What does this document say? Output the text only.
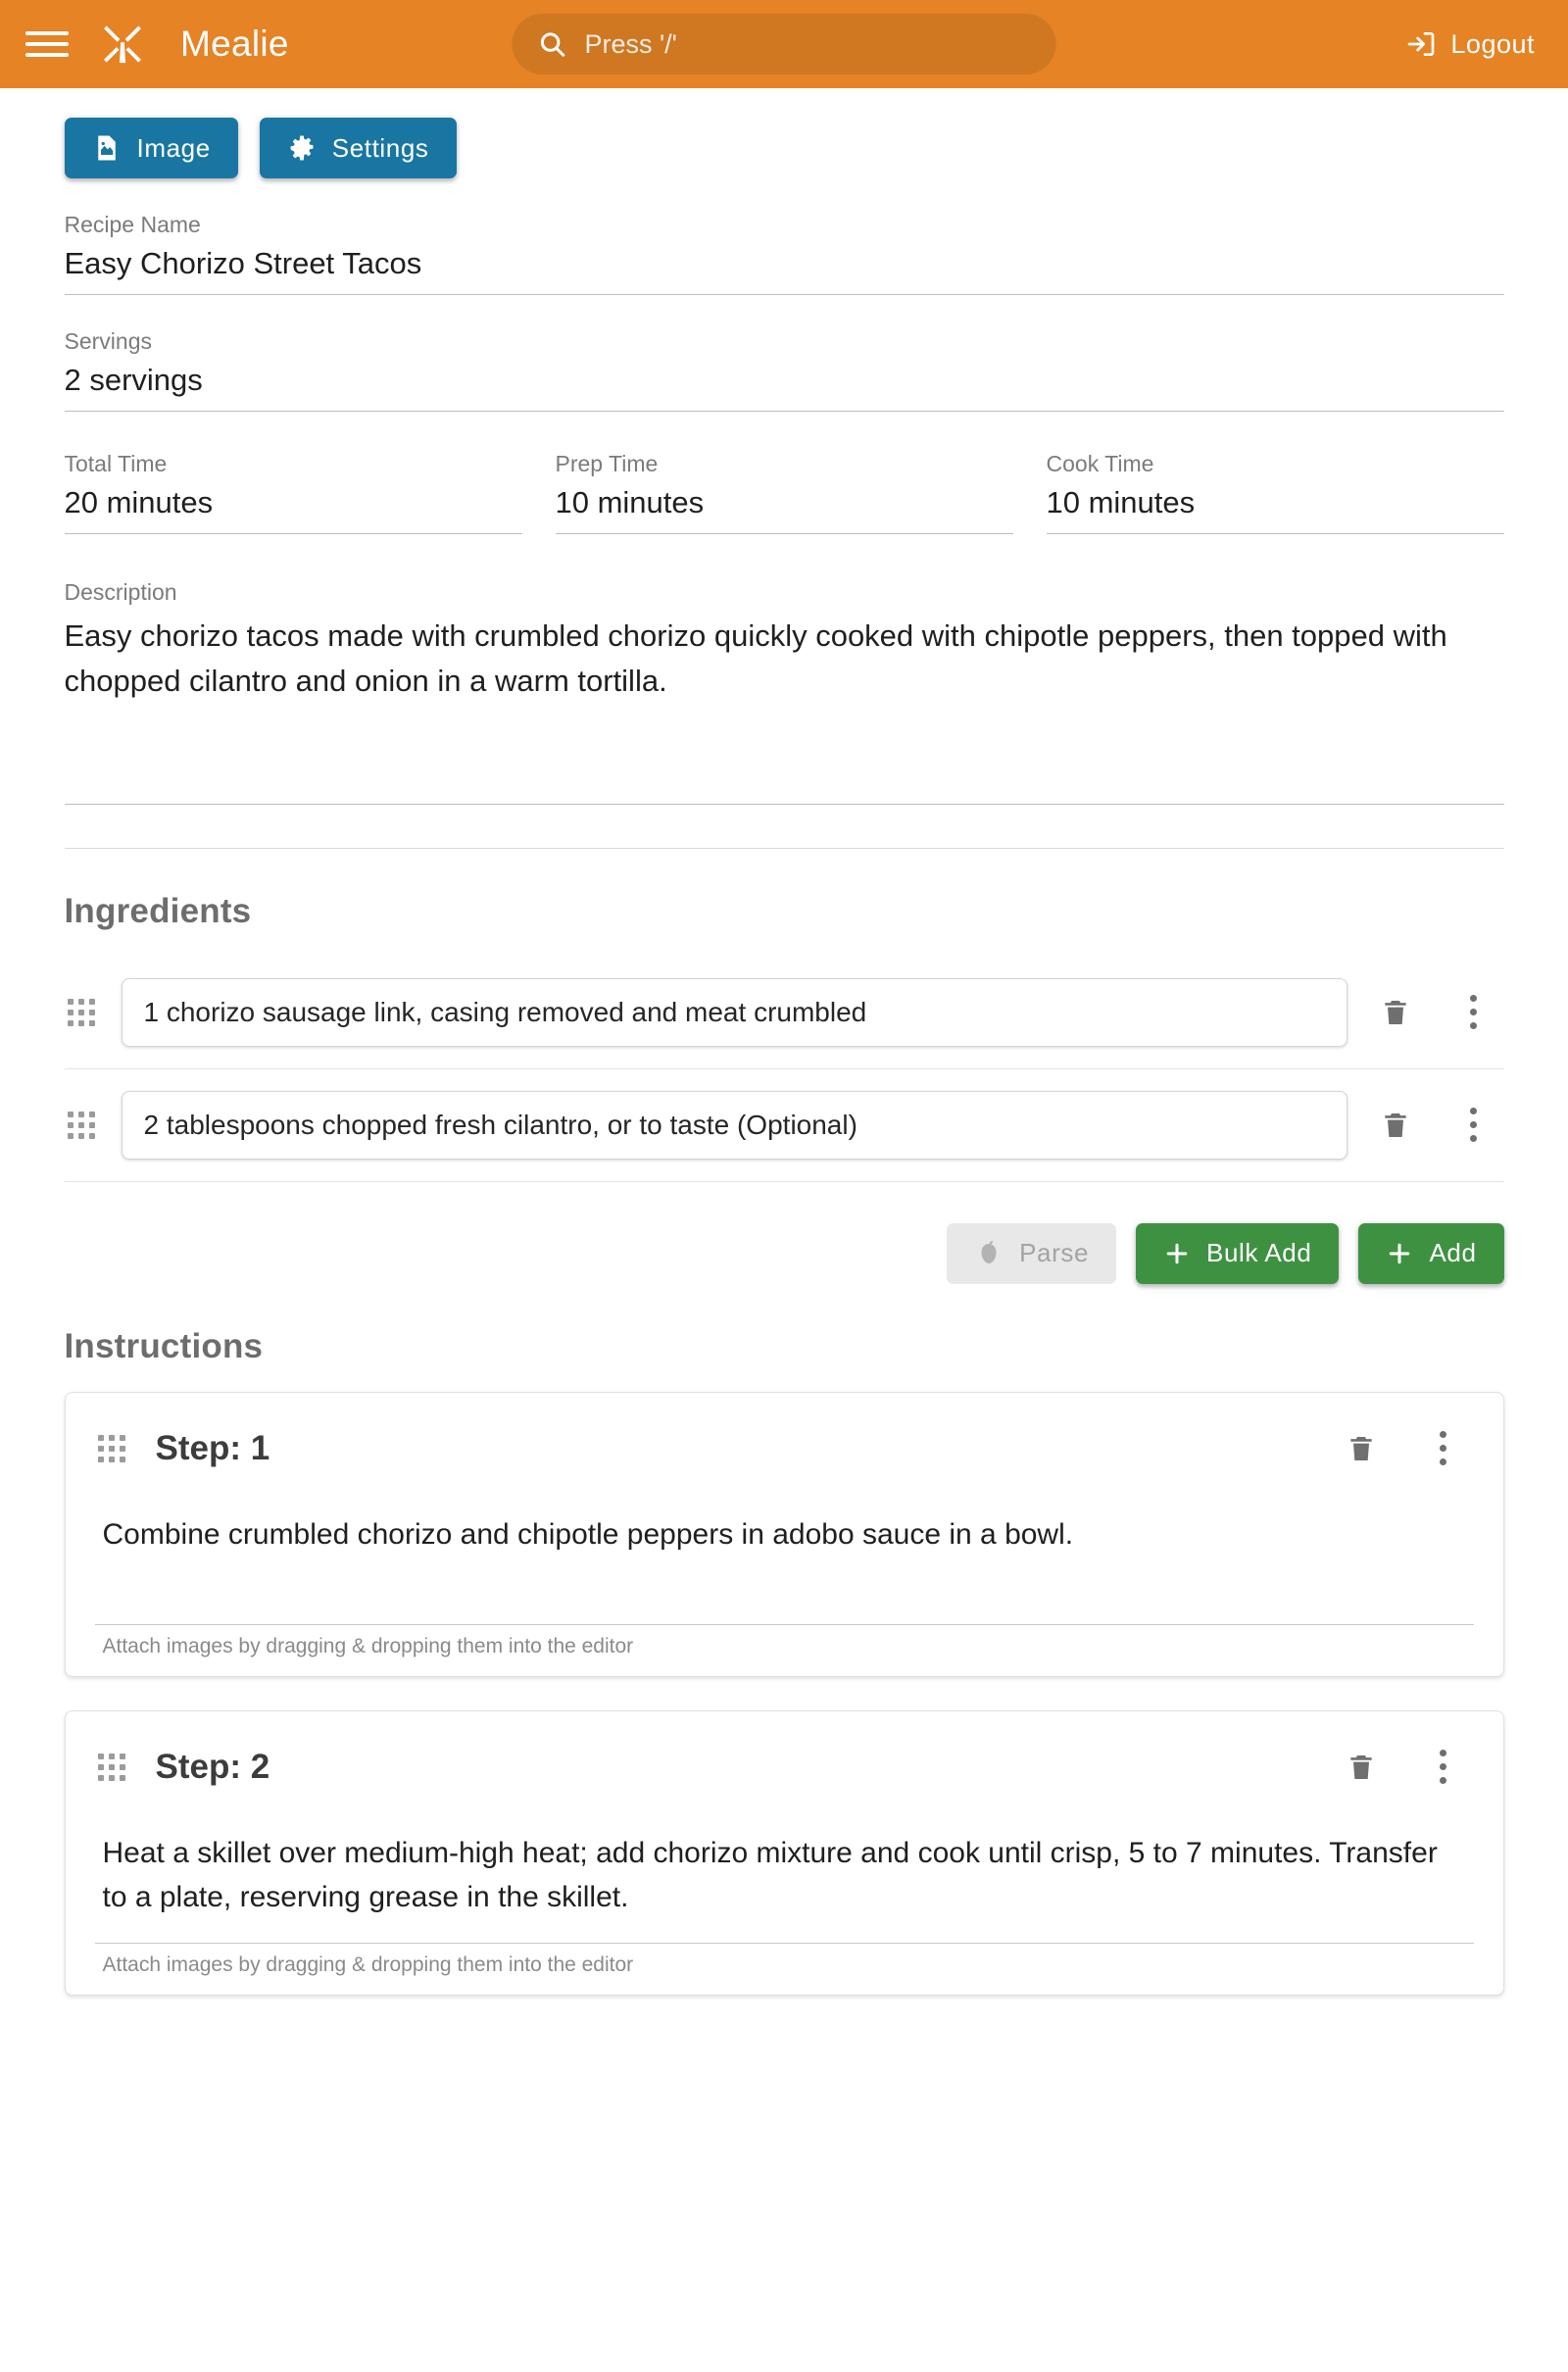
Mealie	Press '/'	Logout
Image	Settings
Recipe Name
Easy Chorizo Street Tacos
Servings
2 servings
Total Time
20 minutes
Prep Time
10 minutes
Cook Time
10 minutes
Description
Easy chorizo tacos made with crumbled chorizo quickly cooked with chipotle peppers, then topped with chopped cilantro and onion in a warm tortilla.
Ingredients
1 chorizo sausage link, casing removed and meat crumbled
2 tablespoons chopped fresh cilantro, or to taste (Optional)
Parse	Bulk Add	Add
Instructions
Step: 1
Combine crumbled chorizo and chipotle peppers in adobo sauce in a bowl.
Attach images by dragging & dropping them into the editor
Step: 2
Heat a skillet over medium-high heat; add chorizo mixture and cook until crisp, 5 to 7 minutes. Transfer to a plate, reserving grease in the skillet.
Attach images by dragging & dropping them into the editor
